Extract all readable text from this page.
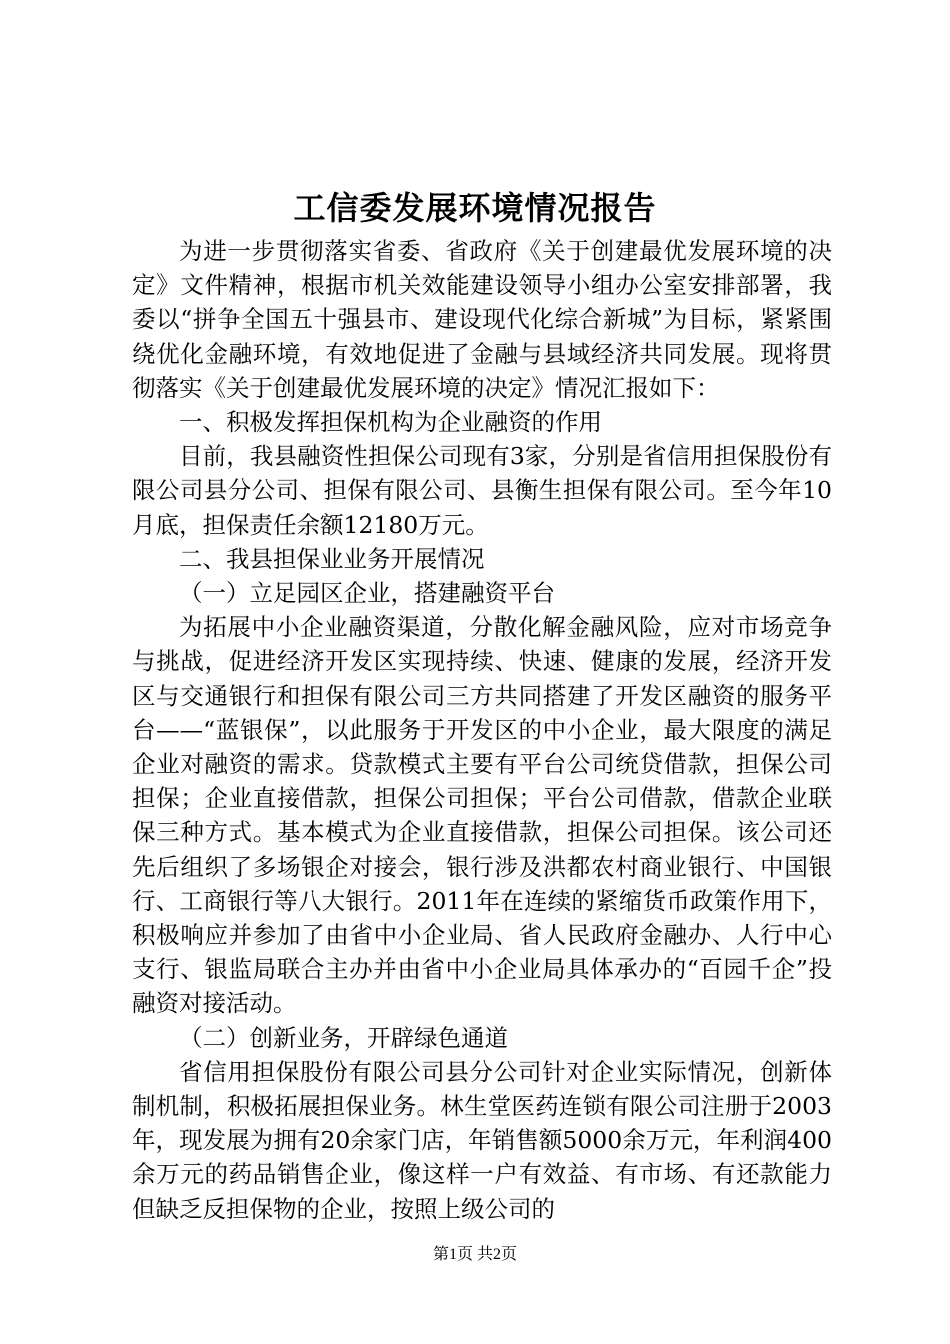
工信委发展环境情况报告

为进一步贯彻落实省委、省政府《关于创建最优发展环境的决定》文件精神，根据市机关效能建设领导小组办公室安排部署，我委以“拼争全国五十强县市、建设现代化综合新城”为目标，紧紧围绕优化金融环境，有效地促进了金融与县域经济共同发展。现将贯彻落实《关于创建最优发展环境的决定》情况汇报如下：

一、积极发挥担保机构为企业融资的作用

目前，我县融资性担保公司现有3家，分别是省信用担保股份有限公司县分公司、担保有限公司、县衡生担保有限公司。至今年10月底，担保责任余额12180万元。

二、我县担保业业务开展情况

（一）立足园区企业，搭建融资平台

为拓展中小企业融资渠道，分散化解金融风险，应对市场竞争与挑战，促进经济开发区实现持续、快速、健康的发展，经济开发区与交通银行和担保有限公司三方共同搭建了开发区融资的服务平台——“蓝银保”，以此服务于开发区的中小企业，最大限度的满足企业对融资的需求。贷款模式主要有平台公司统贷借款，担保公司担保；企业直接借款，担保公司担保；平台公司借款，借款企业联保三种方式。基本模式为企业直接借款，担保公司担保。该公司还先后组织了多场银企对接会，银行涉及洪都农村商业银行、中国银行、工商银行等八大银行。2011年在连续的紧缩货币政策作用下，积极响应并参加了由省中小企业局、省人民政府金融办、人行中心支行、银监局联合主办并由省中小企业局具体承办的“百园千企”投融资对接活动。

（二）创新业务，开辟绿色通道

省信用担保股份有限公司县分公司针对企业实际情况，创新体制机制，积极拓展担保业务。林生堂医药连锁有限公司注册于2003年，现发展为拥有20余家门店，年销售额5000余万元，年利润400余万元的药品销售企业，像这样一户有效益、有市场、有还款能力但缺乏反担保物的企业，按照上级公司的

第1页 共2页
